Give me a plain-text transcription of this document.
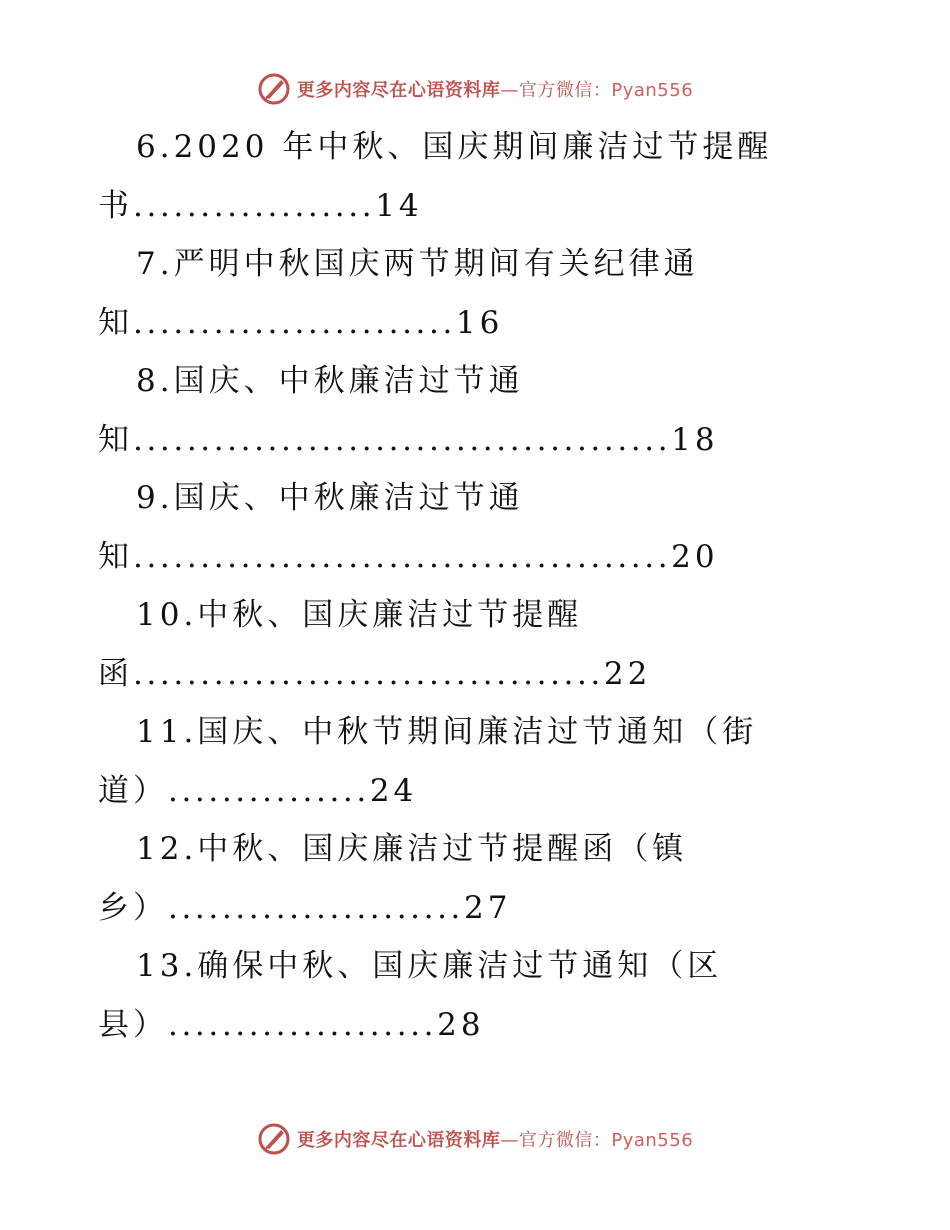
更多内容尽在心语资料库—官方微信：Pyan556
6.2020 年中秋、国庆期间廉洁过节提醒
书..................14
7.严明中秋国庆两节期间有关纪律通
知........................16
8.国庆、中秋廉洁过节通
知........................................18
9.国庆、中秋廉洁过节通
知........................................20
10.中秋、国庆廉洁过节提醒
函...................................22
11.国庆、中秋节期间廉洁过节通知（街
道）...............24
12.中秋、国庆廉洁过节提醒函（镇
乡）......................27
13.确保中秋、国庆廉洁过节通知（区
县）....................28
更多内容尽在心语资料库—官方微信：Pyan556
